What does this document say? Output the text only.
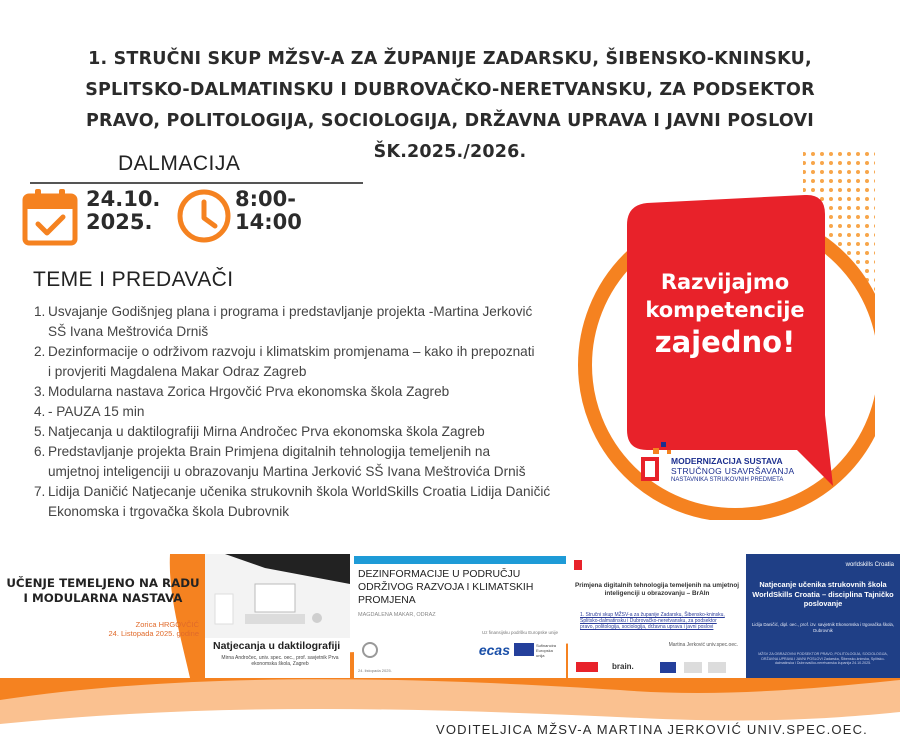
1. STRUČNI SKUP MŽSV-A ZA ŽUPANIJE ZADARSKU, ŠIBENSKO-KNINSKU,
SPLITSKO-DALMATINSKU I DUBROVAČKO-NERETVANSKU, ZA PODSEKTOR
PRAVO, POLITOLOGIJA, SOCIOLOGIJA, DRŽAVNA UPRAVA I JAVNI POSLOVI
ŠK.2025./2026.
DALMACIJA
24.10.
2025.
8:00-
14:00
TEME I PREDAVAČI
1. Usvajanje Godišnjeg plana i programa i predstavljanje projekta -Martina Jerković
SŠ Ivana Meštrovića Drniš
2. Dezinformacije o održivom razvoju i klimatskim promjenama – kako ih prepoznati
i provjeriti Magdalena Makar Odraz Zagreb
3. Modularna nastava Zorica Hrgovčić Prva ekonomska škola Zagreb
4. - PAUZA 15 min
5. Natjecanja u daktilografiji Mirna Andročec Prva ekonomska škola Zagreb
6. Predstavljanje projekta Brain Primjena digitalnih tehnologija temeljenih na
umjetnoj inteligenciji u obrazovanju Martina Jerković SŠ Ivana Meštrovića Drniš
7. Lidija Daničić Natjecanje učenika strukovnih škola WorldSkills Croatia Lidija Daničić
Ekonomska i trgovačka škola Dubrovnik
Razvijajmo
kompetencije
zajedno!
MODERNIZACIJA SUSTAVA
STRUČNOG USAVRŠAVANJA
NASTAVNIKA STRUKOVNIH PREDMETA
UČENJE TEMELJENO NA RADU I MODULARNA NASTAVA
Zorica HRGOVČIĆ
24. Listopada 2025. godine
Natjecanja u daktilografiji
Mirna Andročec, univ. spec. oec., prof. savjetnik Prva ekonomska škola, Zagreb
DEZINFORMACIJE U PODRUČJU ODRŽIVOG RAZVOJA I KLIMATSKIH PROMJENA
MAGDALENA MAKAR, ODRAZ
Uz finansijsku podršku Europske unije
ecas	Sufinancira Europska unija
24. listopada 2025.
Primjena digitalnih tehnologija temeljenih na umjetnoj inteligenciji u obrazovanju – BrAIn
1. Stručni skup MŽSV-a za županije Zadarsku, Šibensko-kninsku, Splitsko-dalmatinsku i Dubrovačko-neretvansku, za podsektor pravo, politologija, sociologija, državna uprava i javni poslovi
Martina Jerković univ.spec.oec.
brain.
worldskills Croatia
Natjecanje učenika strukovnih škola WorldSkills Croatia – disciplina Tajničko poslovanje
Lidija Daničić, dipl. oec., prof. izv. savjetnik Ekonomska i trgovačka škola, Dubrovnik
MŽSV ZA OBRAZOVNI PODSEKTOR PRAVO, POLITOLOGIJA, SOCIOLOGIJA, DRŽAVNA UPRAVA I JAVNI POSLOVI Zadarska, Šibensko-kninska, Splitsko-dalmatinska i Dubrovačko-neretvanska županija 24.10.2025.
VODITELJICA MŽSV-A MARTINA JERKOVIĆ UNIV.SPEC.OEC.
